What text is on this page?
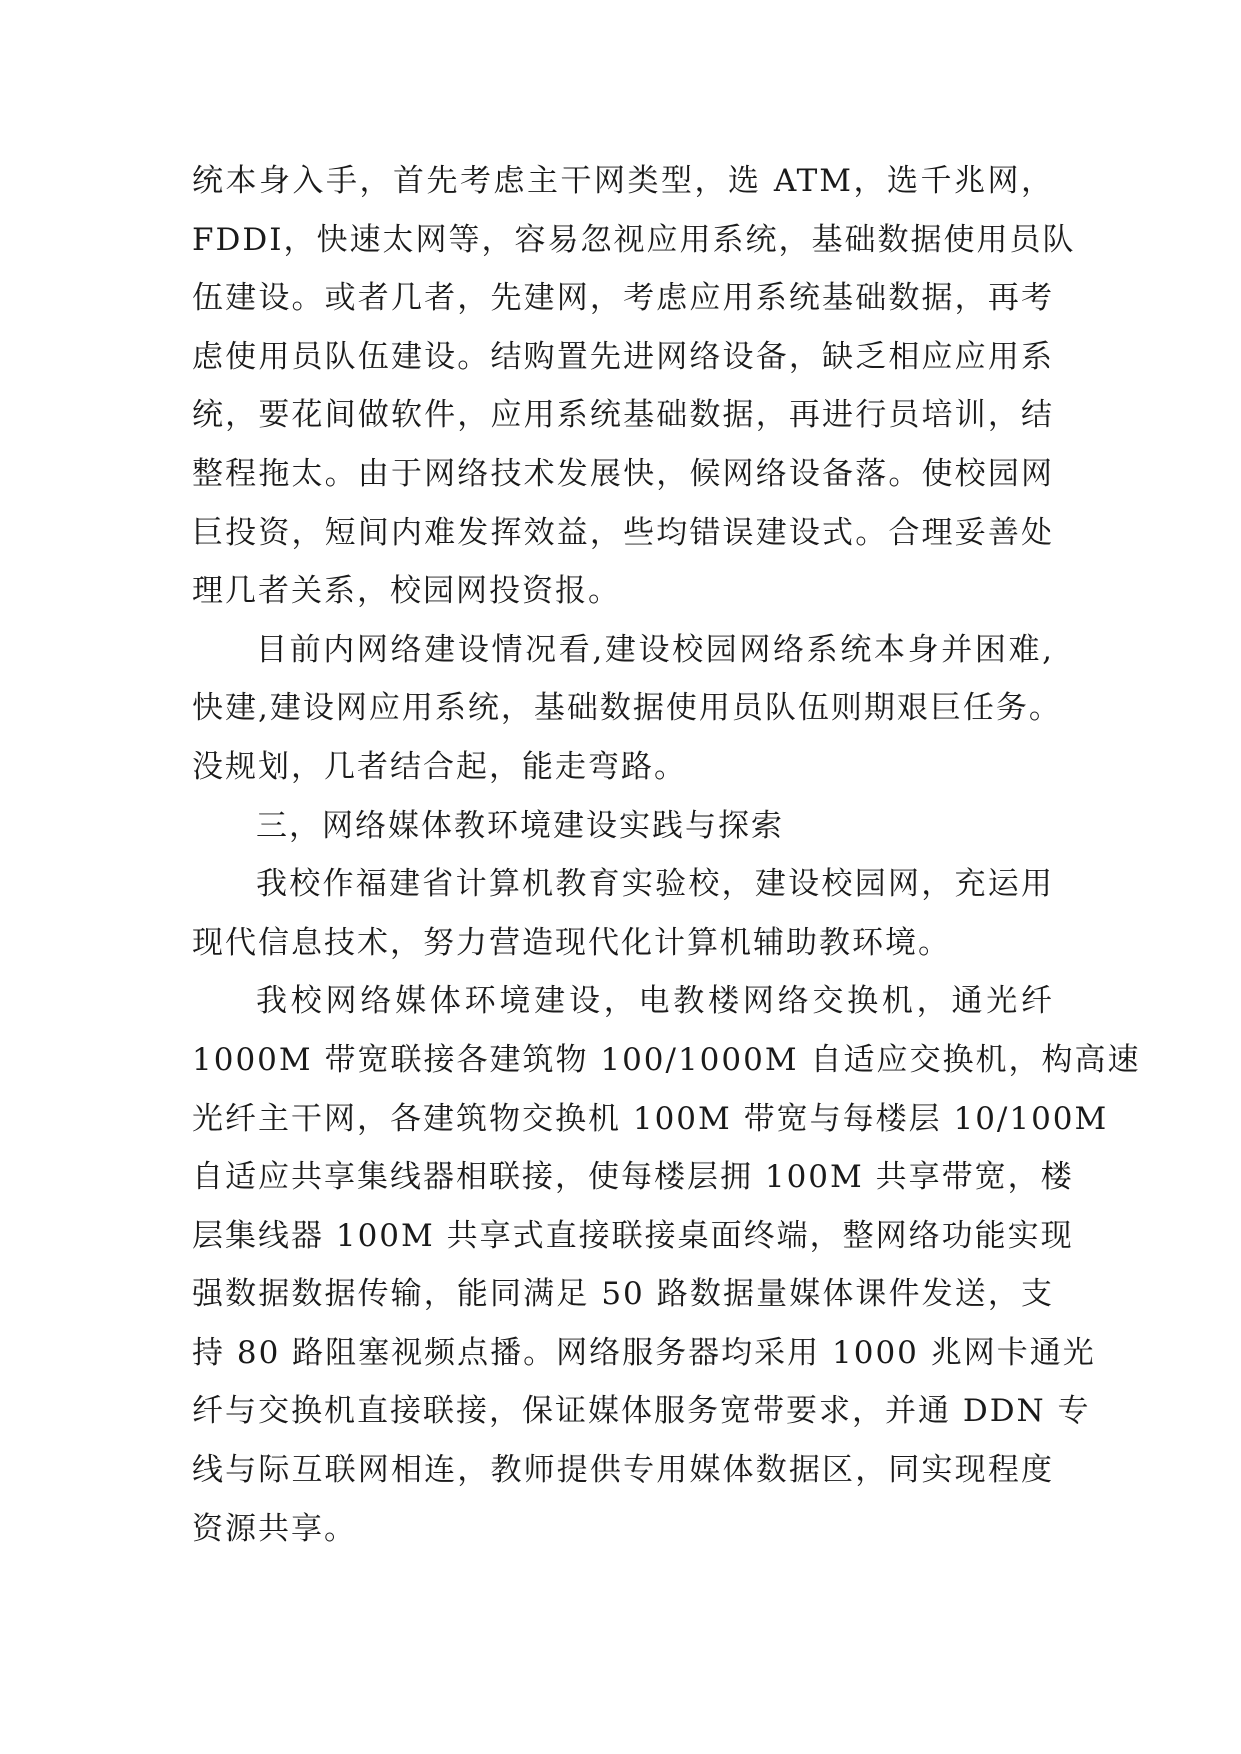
统本身入手，首先考虑主干网类型，选 ATM，选千兆网，
FDDI，快速太网等，容易忽视应用系统，基础数据使用员队
伍建设。或者几者，先建网，考虑应用系统基础数据，再考
虑使用员队伍建设。结购置先进网络设备，缺乏相应应用系
统，要花间做软件，应用系统基础数据，再进行员培训，结
整程拖太。由于网络技术发展快，候网络设备落。使校园网
巨投资，短间内难发挥效益，些均错误建设式。合理妥善处
理几者关系，校园网投资报。
目前内网络建设情况看,建设校园网络系统本身并困难,
快建,建设网应用系统，基础数据使用员队伍则期艰巨任务。
没规划，几者结合起，能走弯路。
三，网络媒体教环境建设实践与探索
我校作福建省计算机教育实验校，建设校园网，充运用
现代信息技术，努力营造现代化计算机辅助教环境。
我校网络媒体环境建设，电教楼网络交换机，通光纤
1000M 带宽联接各建筑物 100/1000M 自适应交换机，构高速
光纤主干网，各建筑物交换机 100M 带宽与每楼层 10/100M
自适应共享集线器相联接，使每楼层拥 100M 共享带宽，楼
层集线器 100M 共享式直接联接桌面终端，整网络功能实现
强数据数据传输，能同满足 50 路数据量媒体课件发送，支
持 80 路阻塞视频点播。网络服务器均采用 1000 兆网卡通光
纤与交换机直接联接，保证媒体服务宽带要求，并通 DDN 专
线与际互联网相连，教师提供专用媒体数据区，同实现程度
资源共享。
